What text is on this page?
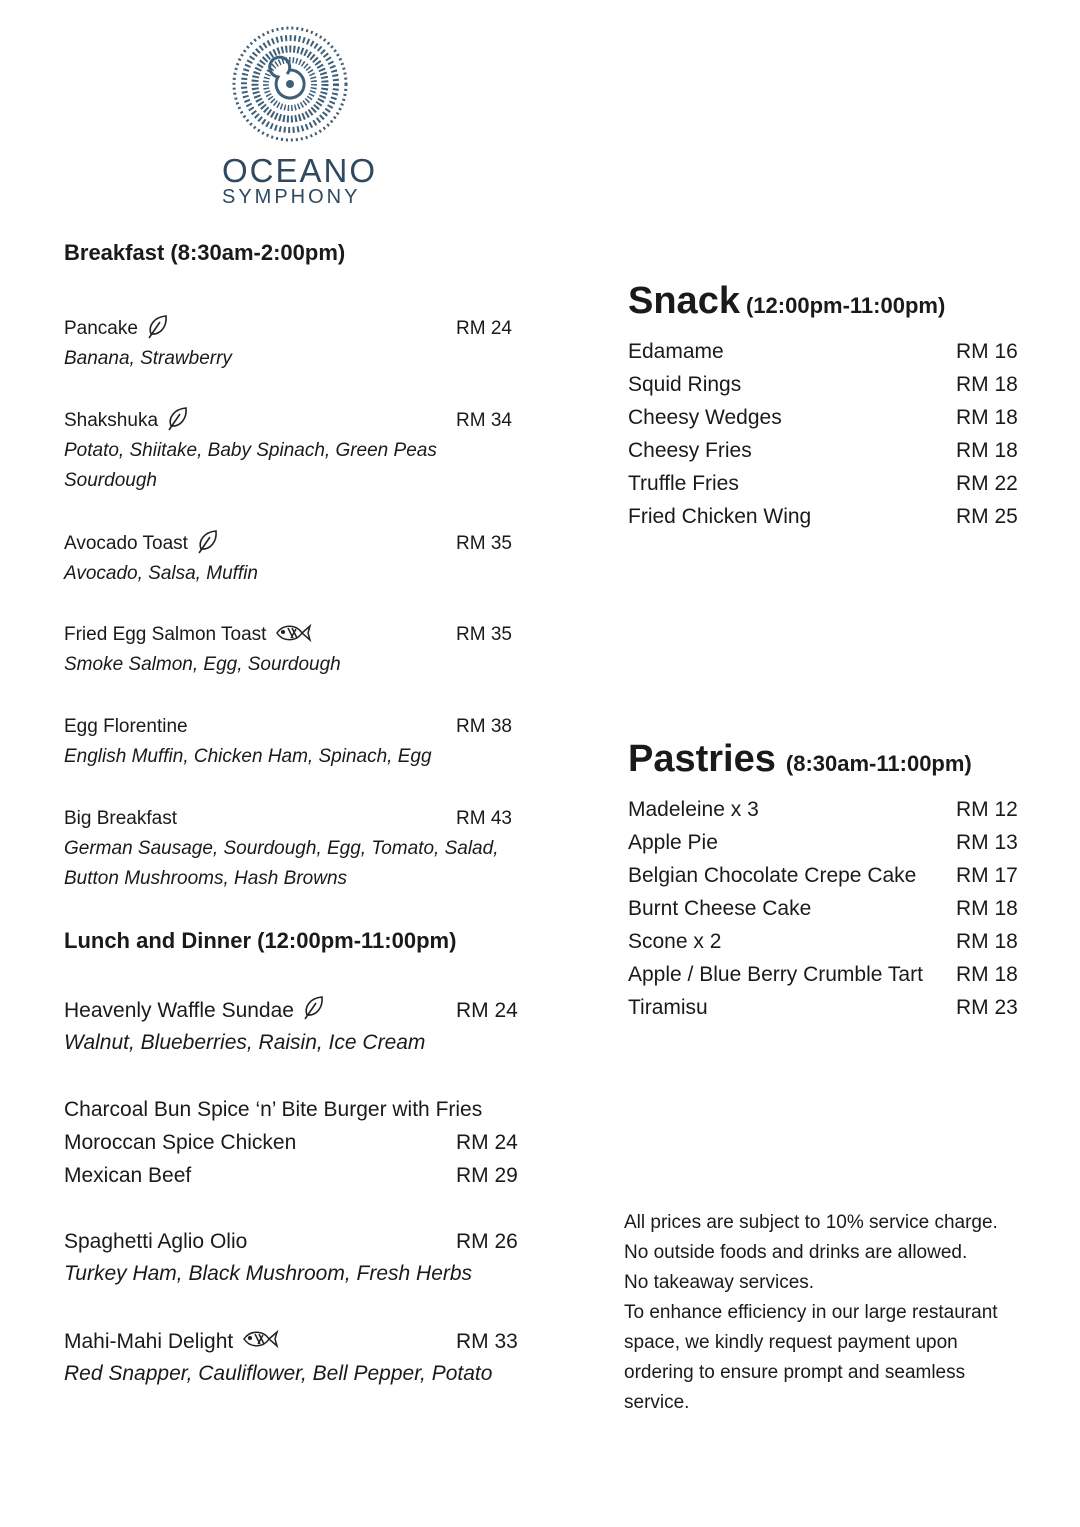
OCEANO
SYMPHONY
Breakfast (8:30am-2:00pm)
Pancake	RM 24
Banana, Strawberry
Shakshuka	RM 34
Potato, Shiitake, Baby Spinach, Green Peas
Sourdough
Avocado Toast	RM 35
Avocado, Salsa, Muffin
Fried Egg Salmon Toast	RM 35
Smoke Salmon, Egg, Sourdough
Egg Florentine	RM 38
English Muffin, Chicken Ham, Spinach, Egg
Big Breakfast	RM 43
German Sausage, Sourdough, Egg, Tomato, Salad,
Button Mushrooms, Hash Browns
Lunch and Dinner (12:00pm-11:00pm)
Heavenly Waffle Sundae	RM 24
Walnut, Blueberries, Raisin, Ice Cream
Charcoal Bun Spice ‘n’ Bite Burger with Fries
Moroccan Spice Chicken	RM 24
Mexican Beef	RM 29
Spaghetti Aglio Olio	RM 26
Turkey Ham, Black Mushroom, Fresh Herbs
Mahi-Mahi Delight	RM 33
Red Snapper, Cauliflower, Bell Pepper, Potato
Snack (12:00pm-11:00pm)
Edamame	RM 16
Squid Rings	RM 18
Cheesy Wedges	RM 18
Cheesy Fries	RM 18
Truffle Fries	RM 22
Fried Chicken Wing	RM 25
Pastries (8:30am-11:00pm)
Madeleine x 3	RM 12
Apple Pie	RM 13
Belgian Chocolate Crepe Cake RM 17
Burnt Cheese Cake	RM 18
Scone x 2	RM 18
Apple / Blue Berry Crumble Tart RM 18
Tiramisu	RM 23
All prices are subject to 10% service charge.
No outside foods and drinks are allowed.
No takeaway services.
To enhance efficiency in our large restaurant space, we kindly request payment upon ordering to ensure prompt and seamless service.
